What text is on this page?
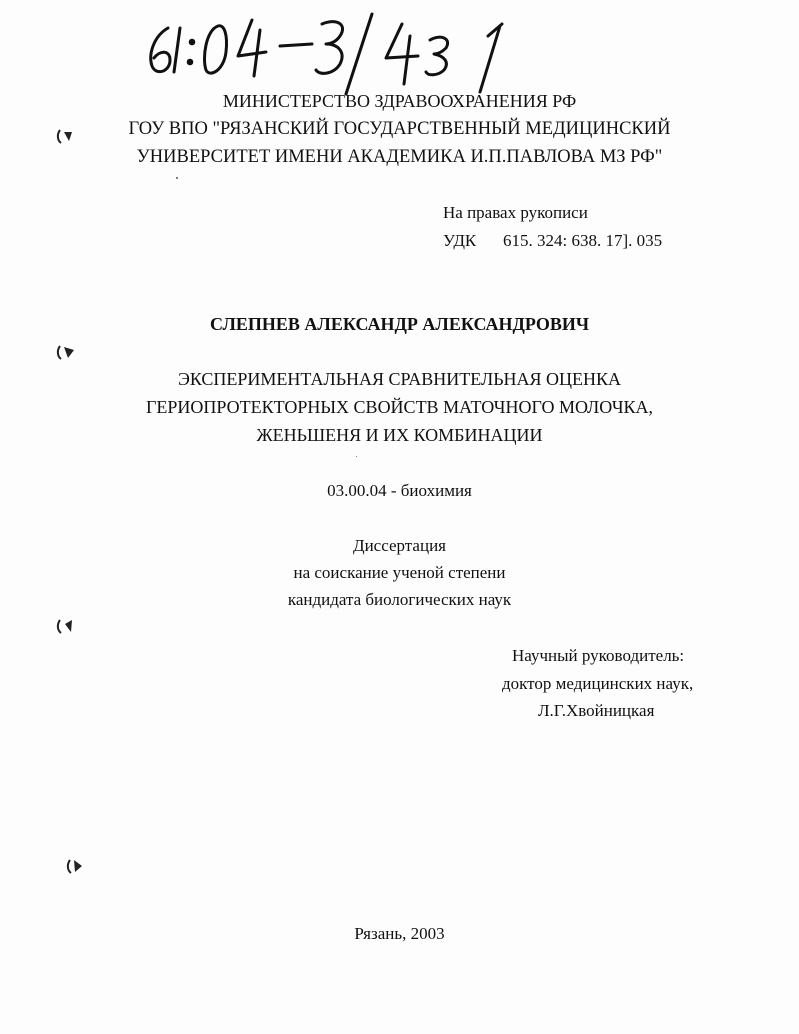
МИНИСТЕРСТВО ЗДРАВООХРАНЕНИЯ РФ
ГОУ ВПО "РЯЗАНСКИЙ ГОСУДАРСТВЕННЫЙ МЕДИЦИНСКИЙ
УНИВЕРСИТЕТ ИМЕНИ АКАДЕМИКА И.П.ПАВЛОВА МЗ РФ"
На правах рукописи
УДК 615. 324: 638. 17]. 035
СЛЕПНЕВ АЛЕКСАНДР АЛЕКСАНДРОВИЧ
ЭКСПЕРИМЕНТАЛЬНАЯ СРАВНИТЕЛЬНАЯ ОЦЕНКА
ГЕРИОПРОТЕКТОРНЫХ СВОЙСТВ МАТОЧНОГО МОЛОЧКА,
ЖЕНЬШЕНЯ И ИХ КОМБИНАЦИИ
03.00.04 - биохимия
Диссертация
на соискание ученой степени
кандидата биологических наук
Научный руководитель:
доктор медицинских наук,
Л.Г.Хвойницкая
Рязань, 2003
